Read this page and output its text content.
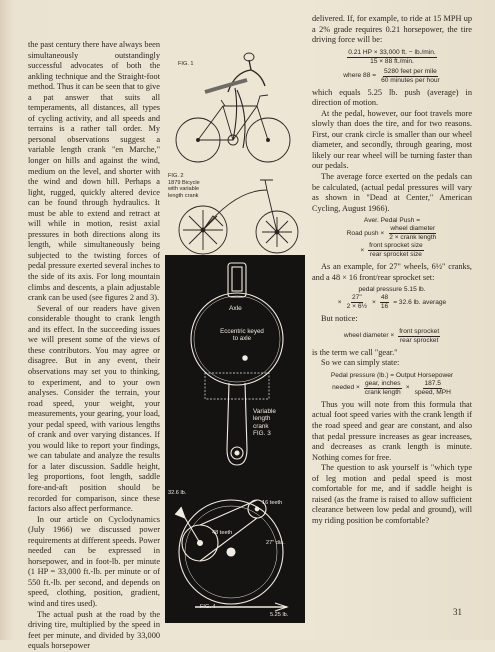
the past century there have always been simultaneously outstandingly successful advocates of both the ankling technique and the Straight-foot method. Thus it can be seen that to give a pat answer that suits all temperaments, all distances, all types of cycling activity, and all speeds and terrains is a rather tall order. My personal observations suggest a variable length crank "en Marche," longer on hills and against the wind, medium on the level, and shorter with the wind and down hill. Perhaps a light, rugged, quickly altered device can be found through hydraulics. It must be able to extend and retract at will while in motion, resist axial pressures in both directions along its length, while simultaneously being subjected to the twisting forces of pedal pressure exerted several inches to the side of its axis. For long mountain climbs and descents, a plain adjustable crank can be used (see figures 2 and 3).

Several of our readers have given considerable thought to crank length and its effect. In the succeeding issues we will present some of the views of these contributors. You may agree or disagree. But in any event, their observations may set you to thinking, to experiment, and to your own analyses. Consider the terrain, your road speed, your weight, your measurements, your gearing, your load, your pedal speed, with various lengths of crank and over varying distances. If you would like to report your findings, we can tabulate and analyze the results for a later discussion. Saddle height, leg proportions, foot length, saddle fore-and-aft position should be recorded for comparison, since these factors also affect performance.

In our article on Cyclodynamics (July 1966) we discussed power requirements at different speeds. Power needed can be expressed in horsepower, and in foot-lb. per minute (1 HP = 33,000 ft.-lb. per minute or of 550 ft.-lb. per second, and depends on speed, clothing, position, gradient, wind and tires used).

The actual push at the road by the driving tire, multiplied by the speed in feet per minute, and divided by 33,000 equals horsepower

FIG. 1
FIG. 2
1879 Bicycle
with variable
length crank
Axle
Eccentric keyed
to axle
Variable
length
crank
FIG. 3
32.6 lb.
48 teeth
16 teeth
27" dia.
FIG. 4
5.25 lb.

delivered. If, for example, to ride at 15 MPH up a 2% grade requires 0.21 horsepower, the tire driving force will be:

$\frac{0.21 HP \times 33,000 ft. - lb./\min.}{15 \times 88 ft./\min.}$
where $88 = \frac{\text{5280 feet per mile}}{\text{60 minutes per hour}}$

which equals 5.25 lb. push (average) in direction of motion.

At the pedal, however, our foot travels more slowly than does the tire, and for two reasons. First, our crank circle is smaller than our wheel diameter, and secondly, through gearing, most likely our rear wheel will be turning faster than our pedals.

The average force exerted on the pedals can be calculated, (actual pedal pressures will vary as shown in "Dead at Center," American Cycling, August 1966).

Aver. Pedal Push =
Road push × $\frac{\text{wheel diameter}}{\text{2 × crank length}}$
× $\frac{\text{front sprocket size}}{\text{rear sprocket size}}$

As an example, for 27" wheels, 6½" cranks, and a 48 × 16 front/rear sprocket set:

pedal pressure 5.15 lb.
× $\frac{27"}{\text{2 × 6½}} \times \frac{48}{16} = 32.6$ lb. average

But notice:

wheel diameter × $\frac{\text{front sprocket}}{\text{rear sprocket}}$

is the term we call "gear."

So we can simply state:

Pedal pressure (lb.) = Output Horsepower
needed × $\frac{\text{gear, inches}}{\text{crank length}} \times \frac{187.5}{\text{speed, MPH}}$

Thus you will note from this formula that actual foot speed varies with the crank length if the road speed and gear are constant, and also that pedal pressure increases as gear increases, and decreases as crank length is minute. Nothing comes for free.

The question to ask yourself is "which type of leg motion and pedal speed is most comfortable for me, and if saddle height is raised (as the frame is raised to allow sufficient clearance between low pedal and ground), will my riding position be comfortable?

31
